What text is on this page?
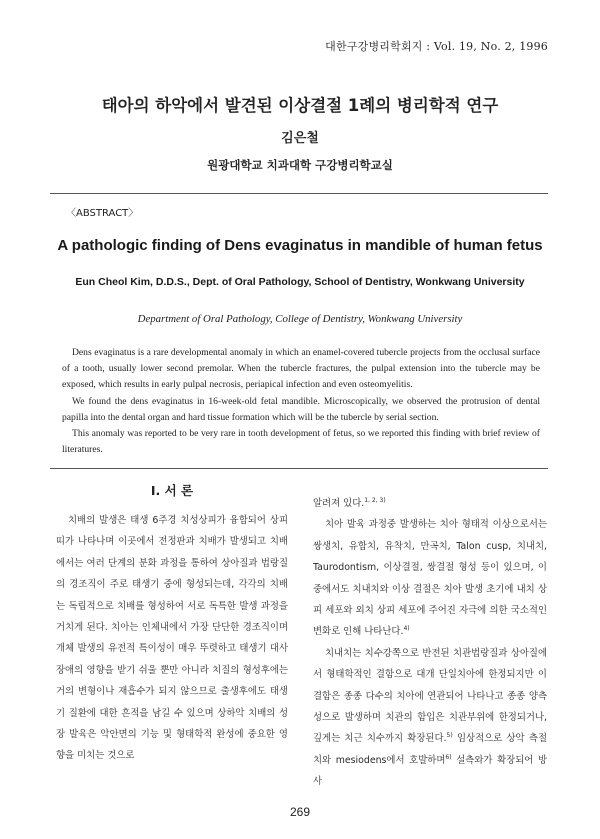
대한구강병리학회지 : Vol. 19, No. 2, 1996
태아의 하악에서 발견된 이상결절 1례의 병리학적 연구
김은철
원광대학교 치과대학 구강병리학교실
〈ABSTRACT〉
A pathologic finding of Dens evaginatus in mandible of human fetus
Eun Cheol Kim, D.D.S., Dept. of Oral Pathology, School of Dentistry, Wonkwang University
Department of Oral Pathology, College of Dentistry, Wonkwang University

Dens evaginatus is a rare developmental anomaly in which an enamel-covered tubercle projects from the occlusal surface of a tooth, usually lower second premolar. When the tubercle fractures, the pulpal extension into the tubercle may be exposed, which results in early pulpal necrosis, periapical infection and even osteomyelitis.

We found the dens evaginatus in 16-week-old fetal mandible. Microscopically, we observed the protrusion of dental papilla into the dental organ and hard tissue formation which will be the tubercle by serial section.

This anomaly was reported to be very rare in tooth development of fetus, so we reported this finding with brief review of literatures.

I. 서 론

치배의 발생은 태생 6주경 치성상피가 융합되어 상피띠가 나타나며 이곳에서 전정판과 치배가 발생되고 치배에서는 여러 단계의 분화 과정을 통하여 상아질과 법랑질의 경조직이 주로 태생기 중에 형성되는데, 각각의 치배는 독립적으로 치배를 형성하여 서로 독특한 발생 과정을 거치게 된다. 치아는 인체내에서 가장 단단한 경조직이며 개체 발생의 유전적 특이성이 매우 뚜렷하고 태생기 대사장애의 영향을 받기 쉬울 뿐만 아니라 치질의 형성후에는 거의 변형이나 재흡수가 되지 않으므로 출생후에도 태생기 질환에 대한 흔적을 남길 수 있으며 상하악 치배의 성장 발육은 악안면의 기능 및 형태학적 완성에 중요한 영향을 미치는 것으로

알려져 있다.$^{1, 2, 3)}$

치아 발육 과정중 발생하는 치아 형태적 이상으로서는 쌍생치, 유합치, 유착치, 만곡치, Talon cusp, 치내치, Taurodontism, 이상결절, 쌍결절 형성 등이 있으며, 이중에서도 치내치와 이상 결절은 치아 발생 초기에 내치 상피 세포와 외치 상피 세포에 주어진 자극에 의한 국소적인 변화로 인해 나타난다.$^{4)}$

치내치는 치수강쪽으로 반전된 치관법랑질과 상아질에서 형태학적인 결함으로 대개 단일치아에 한정되지만 이 결함은 종종 다수의 치아에 연관되어 나타나고 종종 양측성으로 발생하며 치관의 함입은 치관부위에 한정되거나, 깊게는 치근 치수까지 확장된다.$^{5)}$ 임상적으로 상악 측절치와 mesiodens에서 호발하며$^{6)}$ 설측와가 확장되어 방사

269
